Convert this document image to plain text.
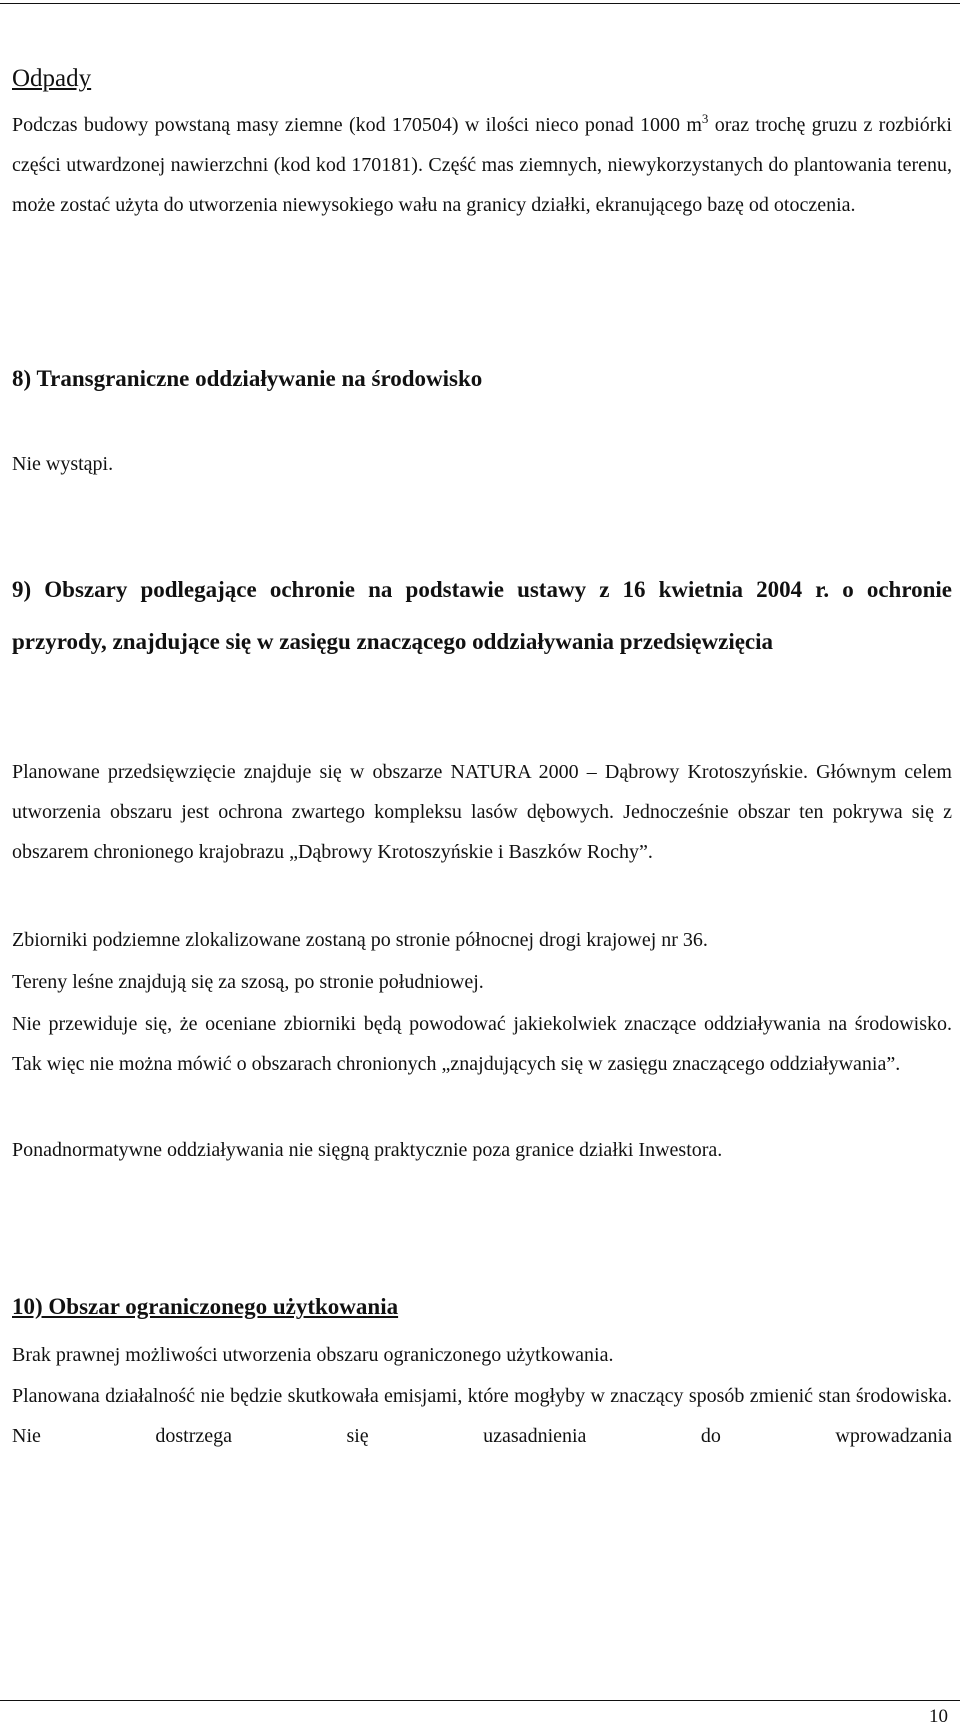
Odpady
Podczas budowy powstaną masy ziemne (kod 170504) w ilości nieco ponad 1000 $m^3$ oraz trochę gruzu z rozbiórki części utwardzonej nawierzchni (kod kod 170181). Część mas ziemnych, niewykorzystanych do plantowania terenu, może zostać użyta do utworzenia niewysokiego wału na granicy działki, ekranującego bazę od otoczenia.
8) Transgraniczne oddziaływanie na środowisko
Nie wystąpi.
9) Obszary podlegające ochronie na podstawie ustawy z 16 kwietnia 2004 r. o ochronie przyrody, znajdujące się w zasięgu znaczącego oddziaływania przedsięwzięcia
Planowane przedsięwzięcie znajduje się w obszarze NATURA 2000 – Dąbrowy Krotoszyńskie. Głównym celem utworzenia obszaru jest ochrona zwartego kompleksu lasów dębowych. Jednocześnie obszar ten pokrywa się z obszarem chronionego krajobrazu „Dąbrowy Krotoszyńskie i Baszków Rochy”.
Zbiorniki podziemne zlokalizowane zostaną po stronie północnej drogi krajowej nr 36.
Tereny leśne znajdują się za szosą, po stronie południowej.
Nie przewiduje się, że oceniane zbiorniki będą powodować jakiekolwiek znaczące oddziaływania na środowisko. Tak więc nie można mówić o obszarach chronionych „znajdujących się w zasięgu znaczącego oddziaływania”.
Ponadnormatywne oddziaływania nie sięgną praktycznie poza granice działki Inwestora.
10) Obszar ograniczonego użytkowania
Brak prawnej możliwości utworzenia obszaru ograniczonego użytkowania.
Planowana działalność nie będzie skutkowała emisjami, które mogłyby w znaczący sposób zmienić stan środowiska. Nie dostrzega się uzasadnienia do wprowadzania
10
